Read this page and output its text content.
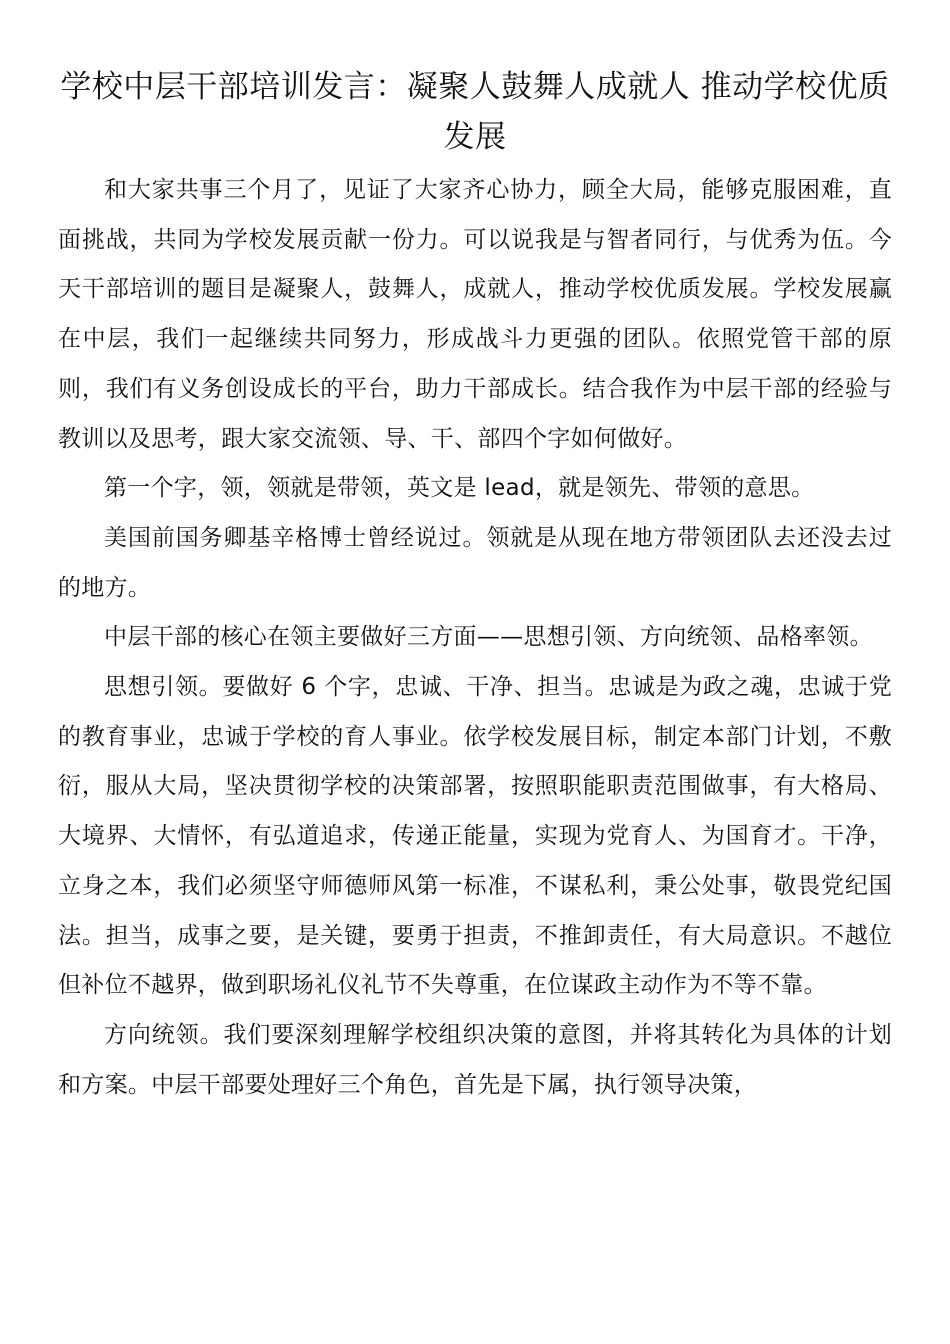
学校中层干部培训发言：凝聚人鼓舞人成就人 推动学校优质发展

和大家共事三个月了，见证了大家齐心协力，顾全大局，能够克服困难，直面挑战，共同为学校发展贡献一份力。可以说我是与智者同行，与优秀为伍。今天干部培训的题目是凝聚人，鼓舞人，成就人，推动学校优质发展。学校发展赢在中层，我们一起继续共同努力，形成战斗力更强的团队。依照党管干部的原则，我们有义务创设成长的平台，助力干部成长。结合我作为中层干部的经验与教训以及思考，跟大家交流领、导、干、部四个字如何做好。

第一个字，领，领就是带领，英文是 lead，就是领先、带领的意思。

美国前国务卿基辛格博士曾经说过。领就是从现在地方带领团队去还没去过的地方。

中层干部的核心在领主要做好三方面——思想引领、方向统领、品格率领。

思想引领。要做好 6 个字，忠诚、干净、担当。忠诚是为政之魂，忠诚于党的教育事业，忠诚于学校的育人事业。依学校发展目标，制定本部门计划，不敷衍，服从大局，坚决贯彻学校的决策部署，按照职能职责范围做事，有大格局、大境界、大情怀，有弘道追求，传递正能量，实现为党育人、为国育才。干净，立身之本，我们必须坚守师德师风第一标准，不谋私利，秉公处事，敬畏党纪国法。担当，成事之要，是关键，要勇于担责，不推卸责任，有大局意识。不越位但补位不越界，做到职场礼仪礼节不失尊重，在位谋政主动作为不等不靠。

方向统领。我们要深刻理解学校组织决策的意图，并将其转化为具体的计划和方案。中层干部要处理好三个角色，首先是下属，执行领导决策，
